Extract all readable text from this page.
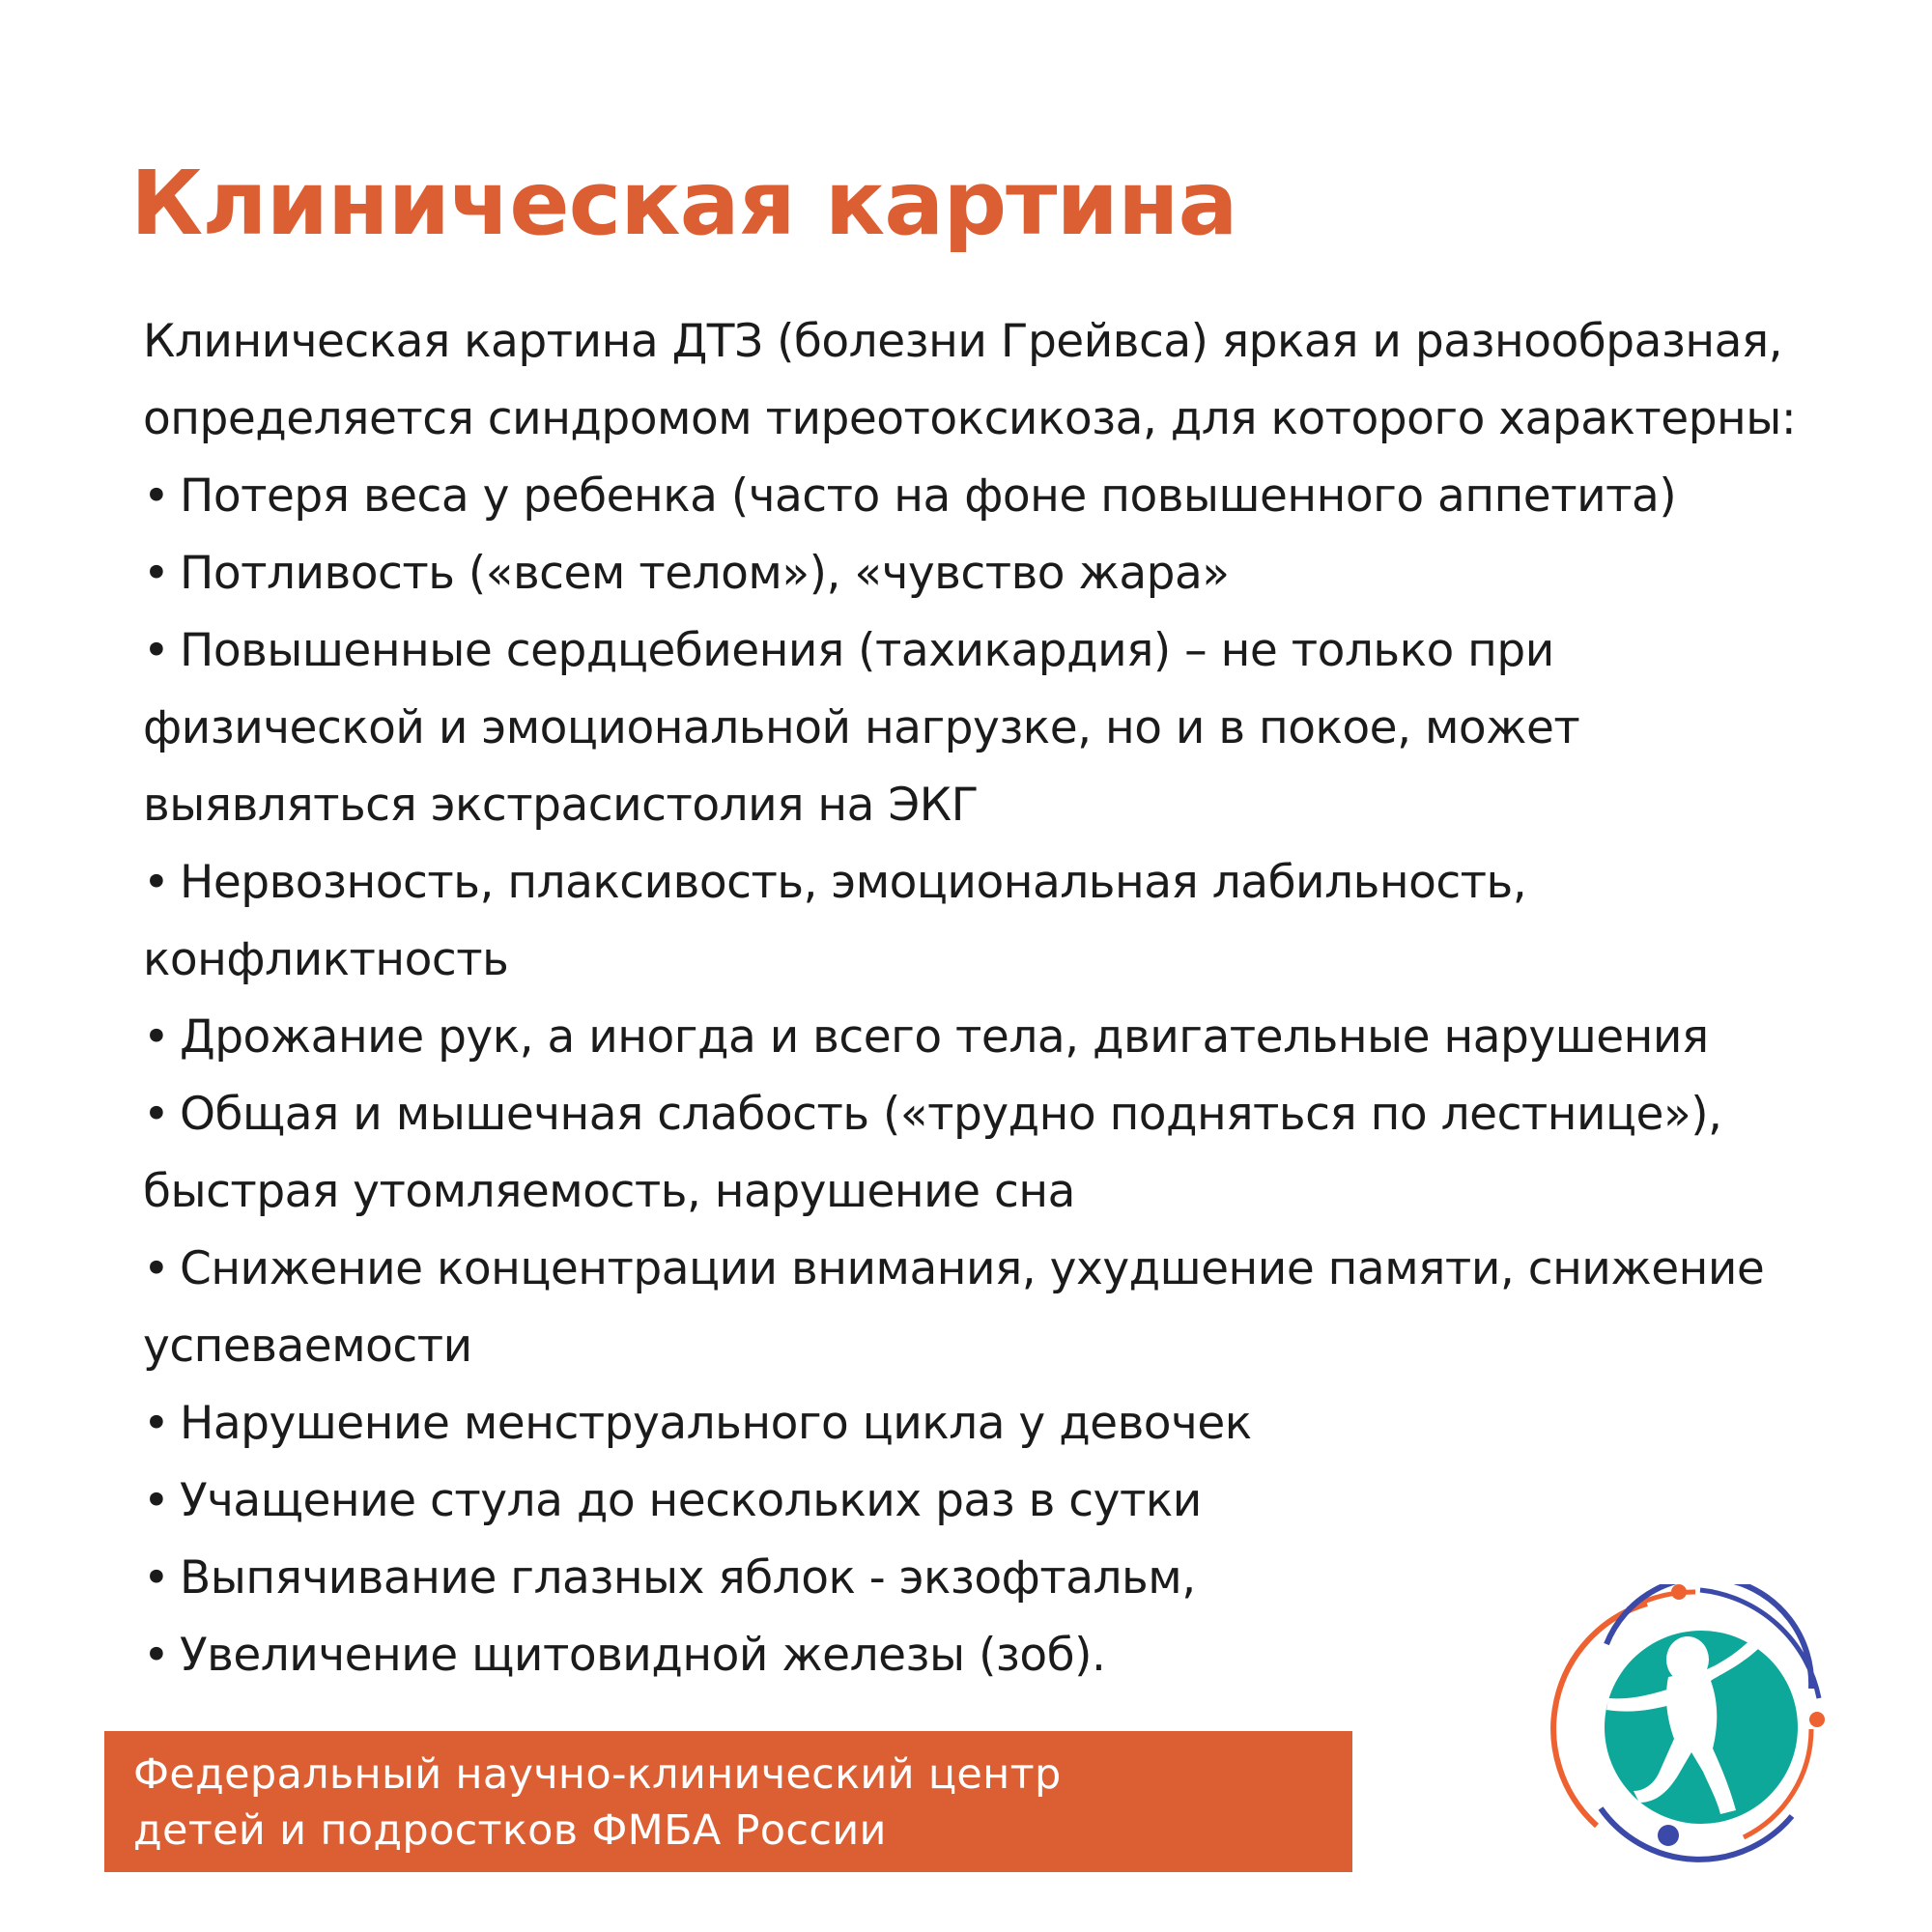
Клиническая картина
Клиническая картина ДТЗ (болезни Грейвса) яркая и разнообразная,
определяется синдромом тиреотоксикоза, для которого характерны:
• Потеря веса у ребенка (часто на фоне повышенного аппетита)
• Потливость («всем телом»), «чувство жара»
• Повышенные сердцебиения (тахикардия) – не только при
физической и эмоциональной нагрузке, но и в покое, может
выявляться экстрасистолия на ЭКГ
• Нервозность, плаксивость, эмоциональная лабильность,
конфликтность
• Дрожание рук, а иногда и всего тела, двигательные нарушения
• Общая и мышечная слабость («трудно подняться по лестнице»),
быстрая утомляемость, нарушение сна
• Снижение концентрации внимания, ухудшение памяти, снижение
успеваемости
• Нарушение менструального цикла у девочек
• Учащение стула до нескольких раз в сутки
• Выпячивание глазных яблок - экзофтальм,
• Увеличение щитовидной железы (зоб).
Федеральный научно-клинический центр
детей и подростков ФМБА России
